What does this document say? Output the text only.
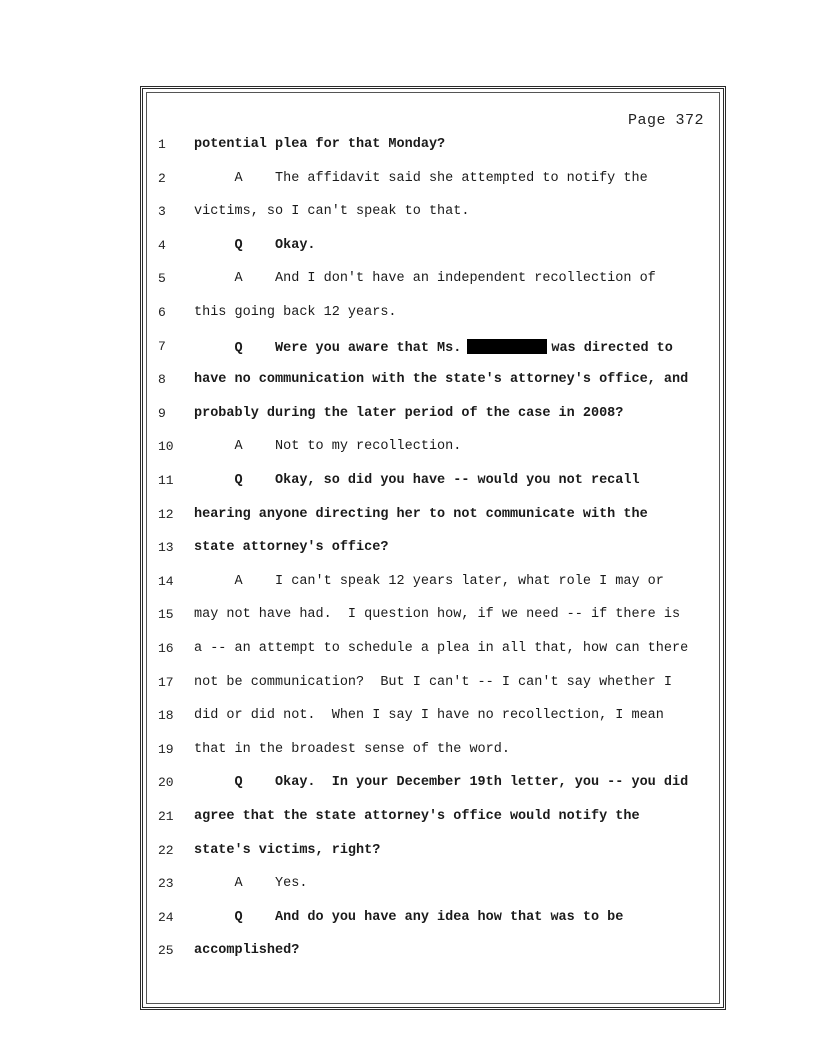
Page 372
1 potential plea for that Monday?
2 A    The affidavit said she attempted to notify the
3 victims, so I can't speak to that.
4 Q    Okay.
5 A    And I don't have an independent recollection of
6 this going back 12 years.
7 Q    Were you aware that Ms.	was directed to
8 have no communication with the state's attorney's office, and
9 probably during the later period of the case in 2008?
10 A    Not to my recollection.
11 Q    Okay, so did you have -- would you not recall
12 hearing anyone directing her to not communicate with the
13 state attorney's office?
14 A    I can't speak 12 years later, what role I may or
15 may not have had.  I question how, if we need -- if there is
16 a -- an attempt to schedule a plea in all that, how can there
17 not be communication?  But I can't -- I can't say whether I
18 did or did not.  When I say I have no recollection, I mean
19 that in the broadest sense of the word.
20 Q    Okay.  In your December 19th letter, you -- you did
21 agree that the state attorney's office would notify the
22 state's victims, right?
23 A    Yes.
24 Q    And do you have any idea how that was to be
25 accomplished?
